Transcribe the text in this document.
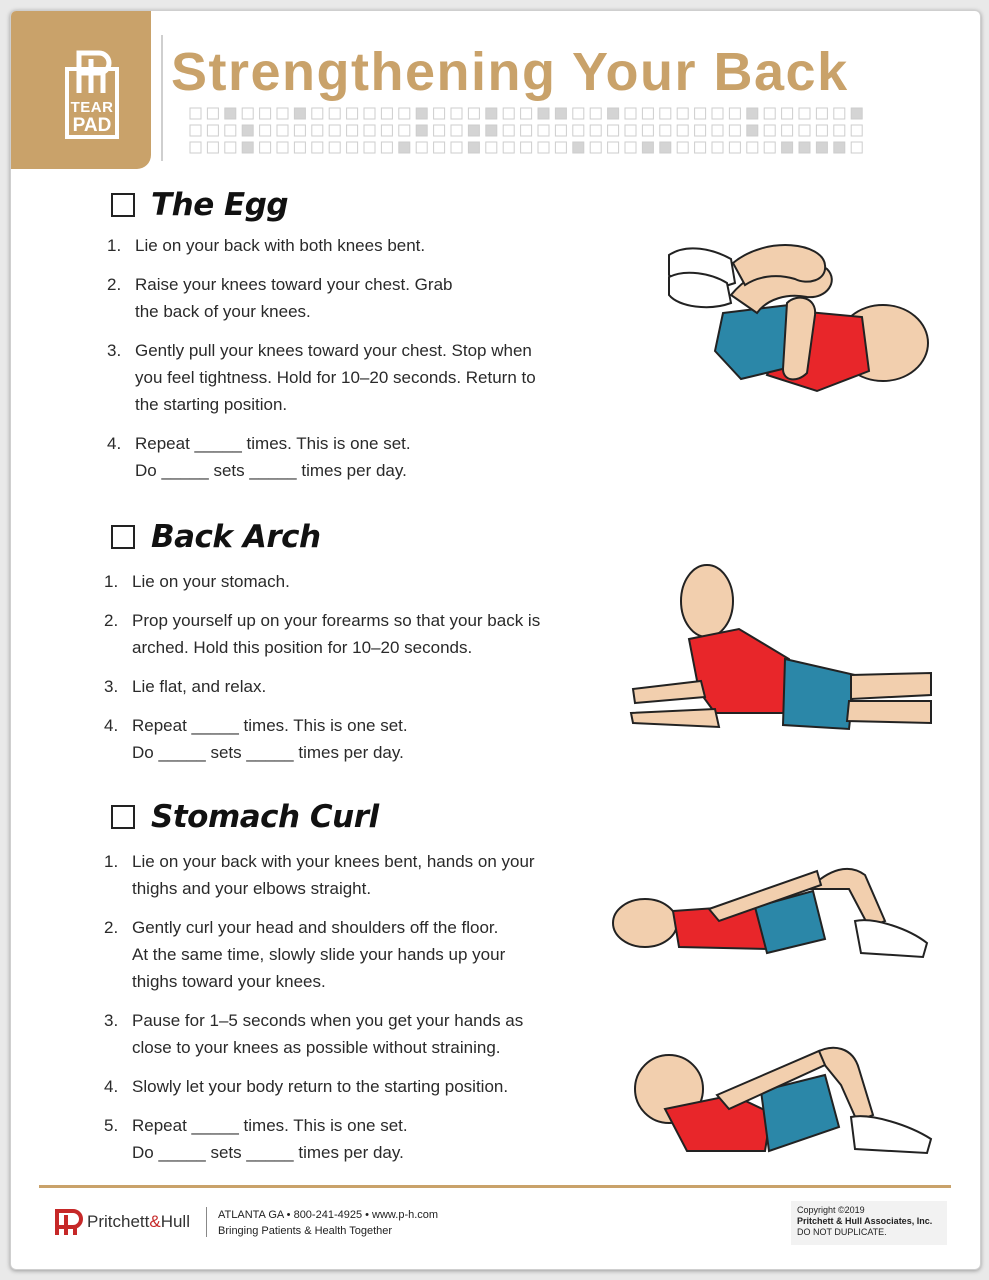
TEAR
PAD
Strengthening Your Back
The Egg
1. Lie on your back with both knees bent.
2. Raise your knees toward your chest. Grab
the back of your knees.
3. Gently pull your knees toward your chest. Stop when
you feel tightness. Hold for 10–20 seconds. Return to
the starting position.
4. Repeat _____ times. This is one set.
Do _____ sets _____ times per day.
Back Arch
1. Lie on your stomach.
2. Prop yourself up on your forearms so that your back is
arched. Hold this position for 10–20 seconds.
3. Lie flat, and relax.
4. Repeat _____ times. This is one set.
Do _____ sets _____ times per day.
Stomach Curl
1. Lie on your back with your knees bent, hands on your
thighs and your elbows straight.
2. Gently curl your head and shoulders off the floor.
At the same time, slowly slide your hands up your
thighs toward your knees.
3. Pause for 1–5 seconds when you get your hands as
close to your knees as possible without straining.
4. Slowly let your body return to the starting position.
5. Repeat _____ times. This is one set.
Do _____ sets _____ times per day.
Pritchett&Hull	ATLANTA GA • 800-241-4925 • www.p-h.com
Bringing Patients & Health Together
Copyright ©2019
Pritchett & Hull Associates, Inc.
DO NOT DUPLICATE.
